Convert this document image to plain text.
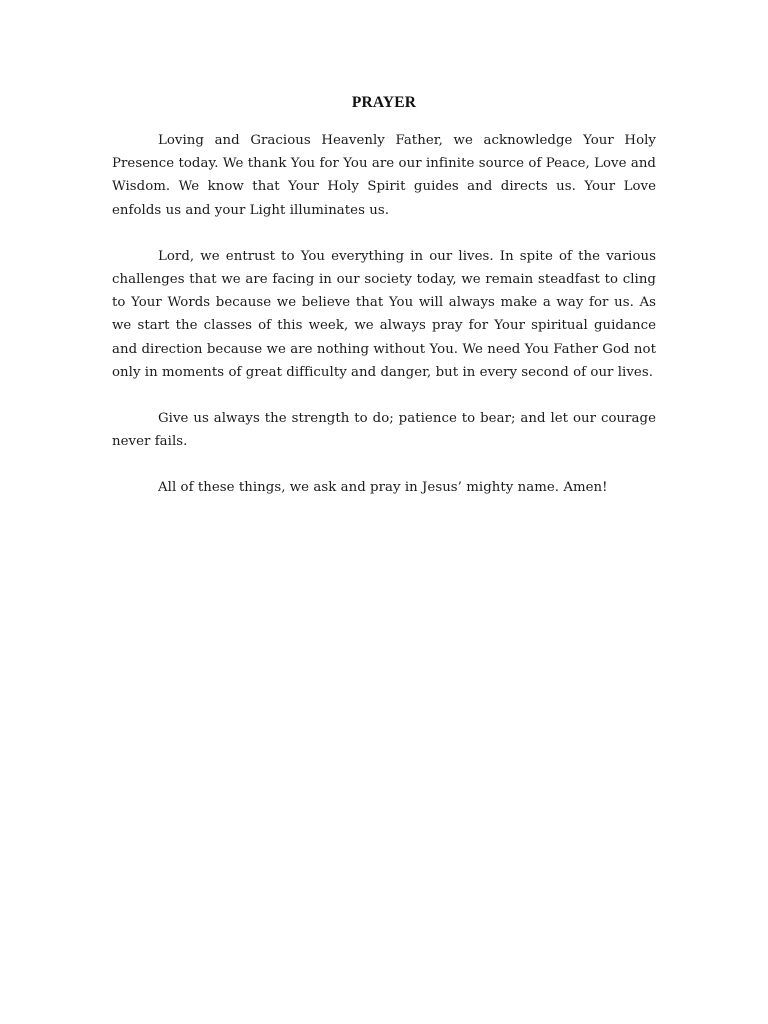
PRAYER

Loving and Gracious Heavenly Father, we acknowledge Your Holy Presence today. We thank You for You are our infinite source of Peace, Love and Wisdom. We know that Your Holy Spirit guides and directs us. Your Love enfolds us and your Light illuminates us.

Lord, we entrust to You everything in our lives. In spite of the various challenges that we are facing in our society today, we remain steadfast to cling to Your Words because we believe that You will always make a way for us. As we start the classes of this week, we always pray for Your spiritual guidance and direction because we are nothing without You. We need You Father God not only in moments of great difficulty and danger, but in every second of our lives.

Give us always the strength to do; patience to bear; and let our courage never fails.

All of these things, we ask and pray in Jesus’ mighty name. Amen!
